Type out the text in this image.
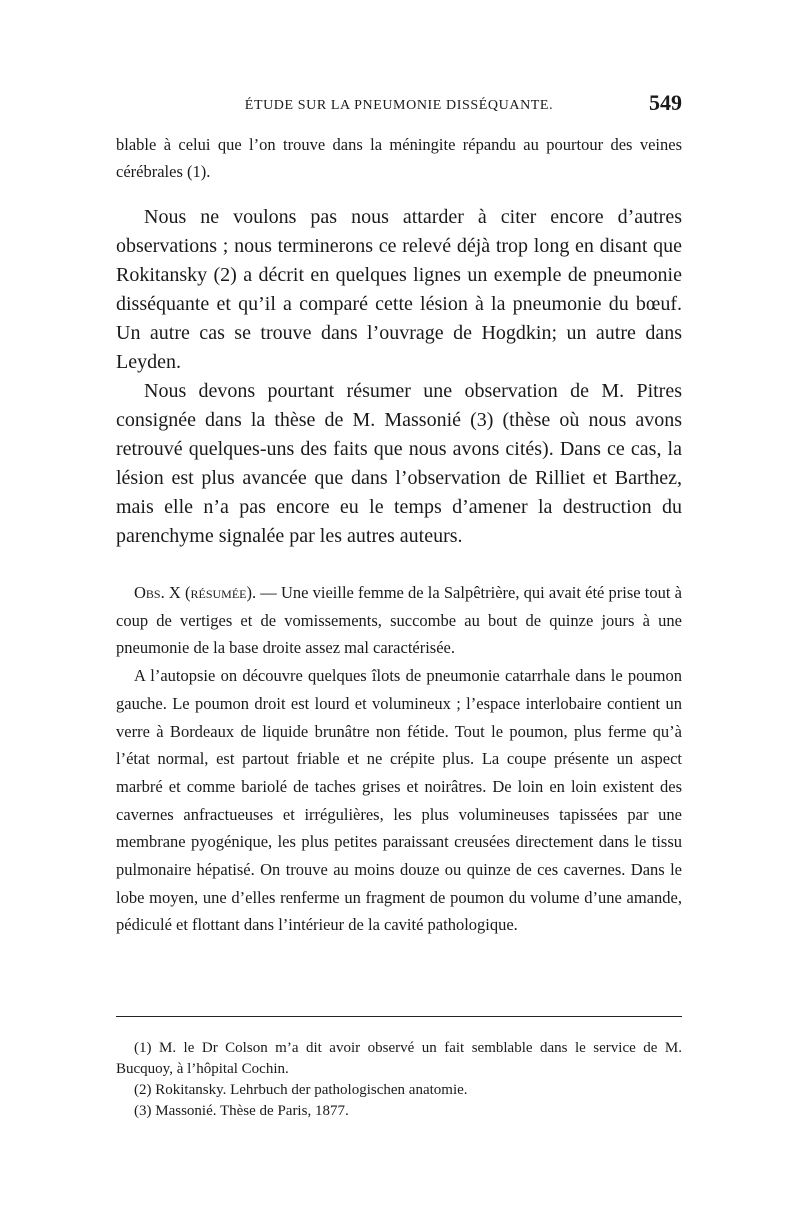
ÉTUDE SUR LA PNEUMONIE DISSÉQUANTE.	549

blable à celui que l’on trouve dans la méningite répandu au pourtour des veines cérébrales (1).

Nous ne voulons pas nous attarder à citer encore d’autres observations ; nous terminerons ce relevé déjà trop long en disant que Rokitansky (2) a décrit en quelques lignes un exemple de pneumonie disséquante et qu’il a comparé cette lésion à la pneumonie du bœuf. Un autre cas se trouve dans l’ouvrage de Hogdkin; un autre dans Leyden.

Nous devons pourtant résumer une observation de M. Pitres consignée dans la thèse de M. Massonié (3) (thèse où nous avons retrouvé quelques-uns des faits que nous avons cités). Dans ce cas, la lésion est plus avancée que dans l’observation de Rilliet et Barthez, mais elle n’a pas encore eu le temps d’amener la destruction du parenchyme signalée par les autres auteurs.

Obs. X (résumée). — Une vieille femme de la Salpêtrière, qui avait été prise tout à coup de vertiges et de vomissements, succombe au bout de quinze jours à une pneumonie de la base droite assez mal caractérisée.

A l’autopsie on découvre quelques îlots de pneumonie catarrhale dans le poumon gauche. Le poumon droit est lourd et volumineux ; l’espace interlobaire contient un verre à Bordeaux de liquide brunâtre non fétide. Tout le poumon, plus ferme qu’à l’état normal, est partout friable et ne crépite plus. La coupe présente un aspect marbré et comme bariolé de taches grises et noirâtres. De loin en loin existent des cavernes anfractueuses et irrégulières, les plus volumineuses tapissées par une membrane pyogénique, les plus petites paraissant creusées directement dans le tissu pulmonaire hépatisé. On trouve au moins douze ou quinze de ces cavernes. Dans le lobe moyen, une d’elles renferme un fragment de poumon du volume d’une amande, pédiculé et flottant dans l’intérieur de la cavité pathologique.

(1) M. le Dr Colson m’a dit avoir observé un fait semblable dans le service de M. Bucquoy, à l’hôpital Cochin.

(2) Rokitansky. Lehrbuch der pathologischen anatomie.

(3) Massonié. Thèse de Paris, 1877.
